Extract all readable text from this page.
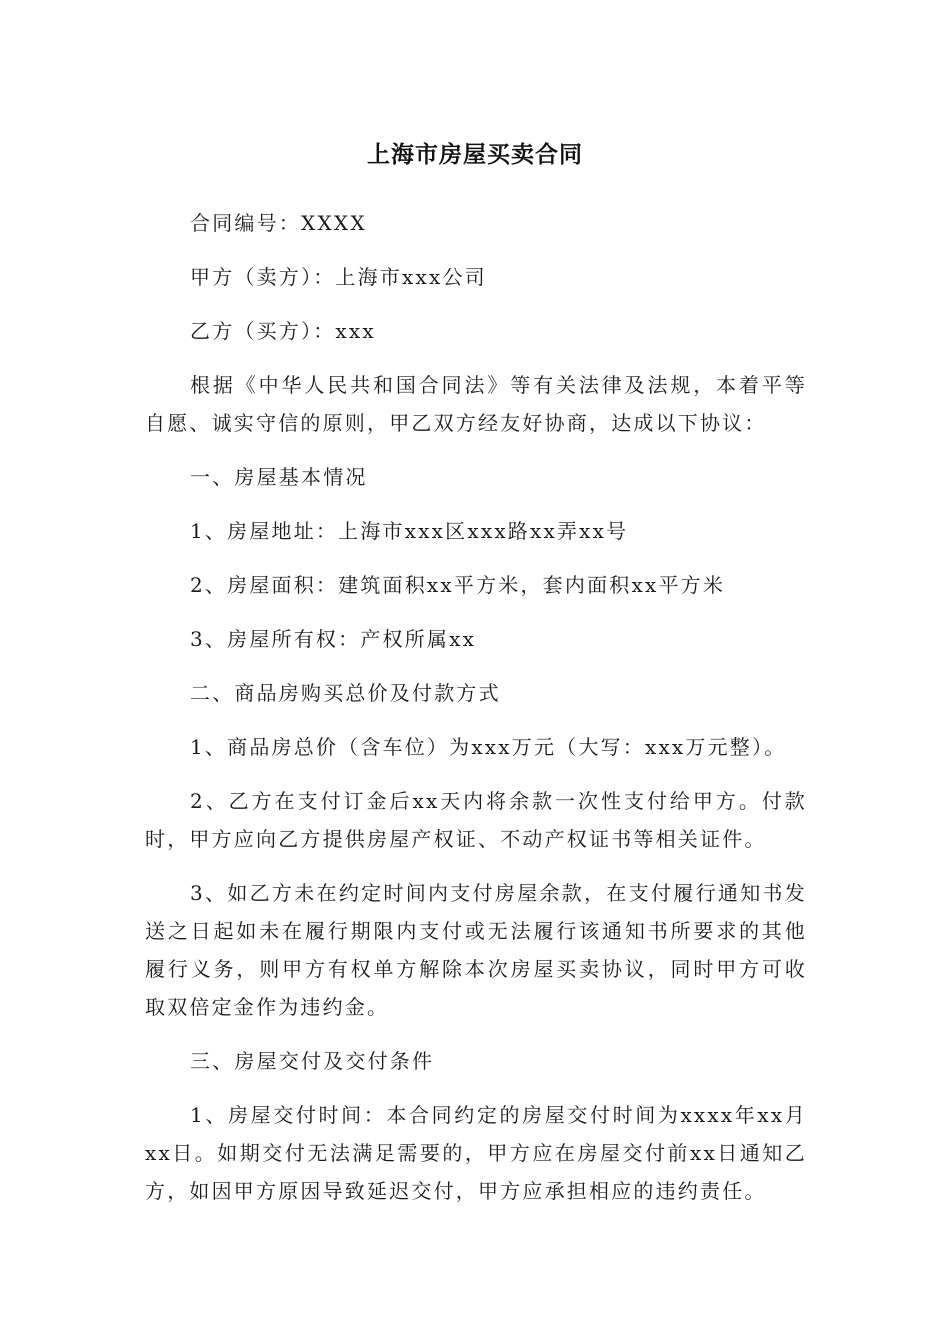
上海市房屋买卖合同

合同编号：XXXX

甲方（卖方）：上海市xxx公司

乙方（买方）：xxx

根据《中华人民共和国合同法》等有关法律及法规，本着平等自愿、诚实守信的原则，甲乙双方经友好协商，达成以下协议：

一、房屋基本情况

1、房屋地址：上海市xxx区xxx路xx弄xx号

2、房屋面积：建筑面积xx平方米，套内面积xx平方米

3、房屋所有权：产权所属xx

二、商品房购买总价及付款方式

1、商品房总价（含车位）为xxx万元（大写：xxx万元整）。

2、乙方在支付订金后xx天内将余款一次性支付给甲方。付款时，甲方应向乙方提供房屋产权证、不动产权证书等相关证件。

3、如乙方未在约定时间内支付房屋余款，在支付履行通知书发送之日起如未在履行期限内支付或无法履行该通知书所要求的其他履行义务，则甲方有权单方解除本次房屋买卖协议，同时甲方可收取双倍定金作为违约金。

三、房屋交付及交付条件

1、房屋交付时间：本合同约定的房屋交付时间为xxxx年xx月xx日。如期交付无法满足需要的，甲方应在房屋交付前xx日通知乙方，如因甲方原因导致延迟交付，甲方应承担相应的违约责任。
